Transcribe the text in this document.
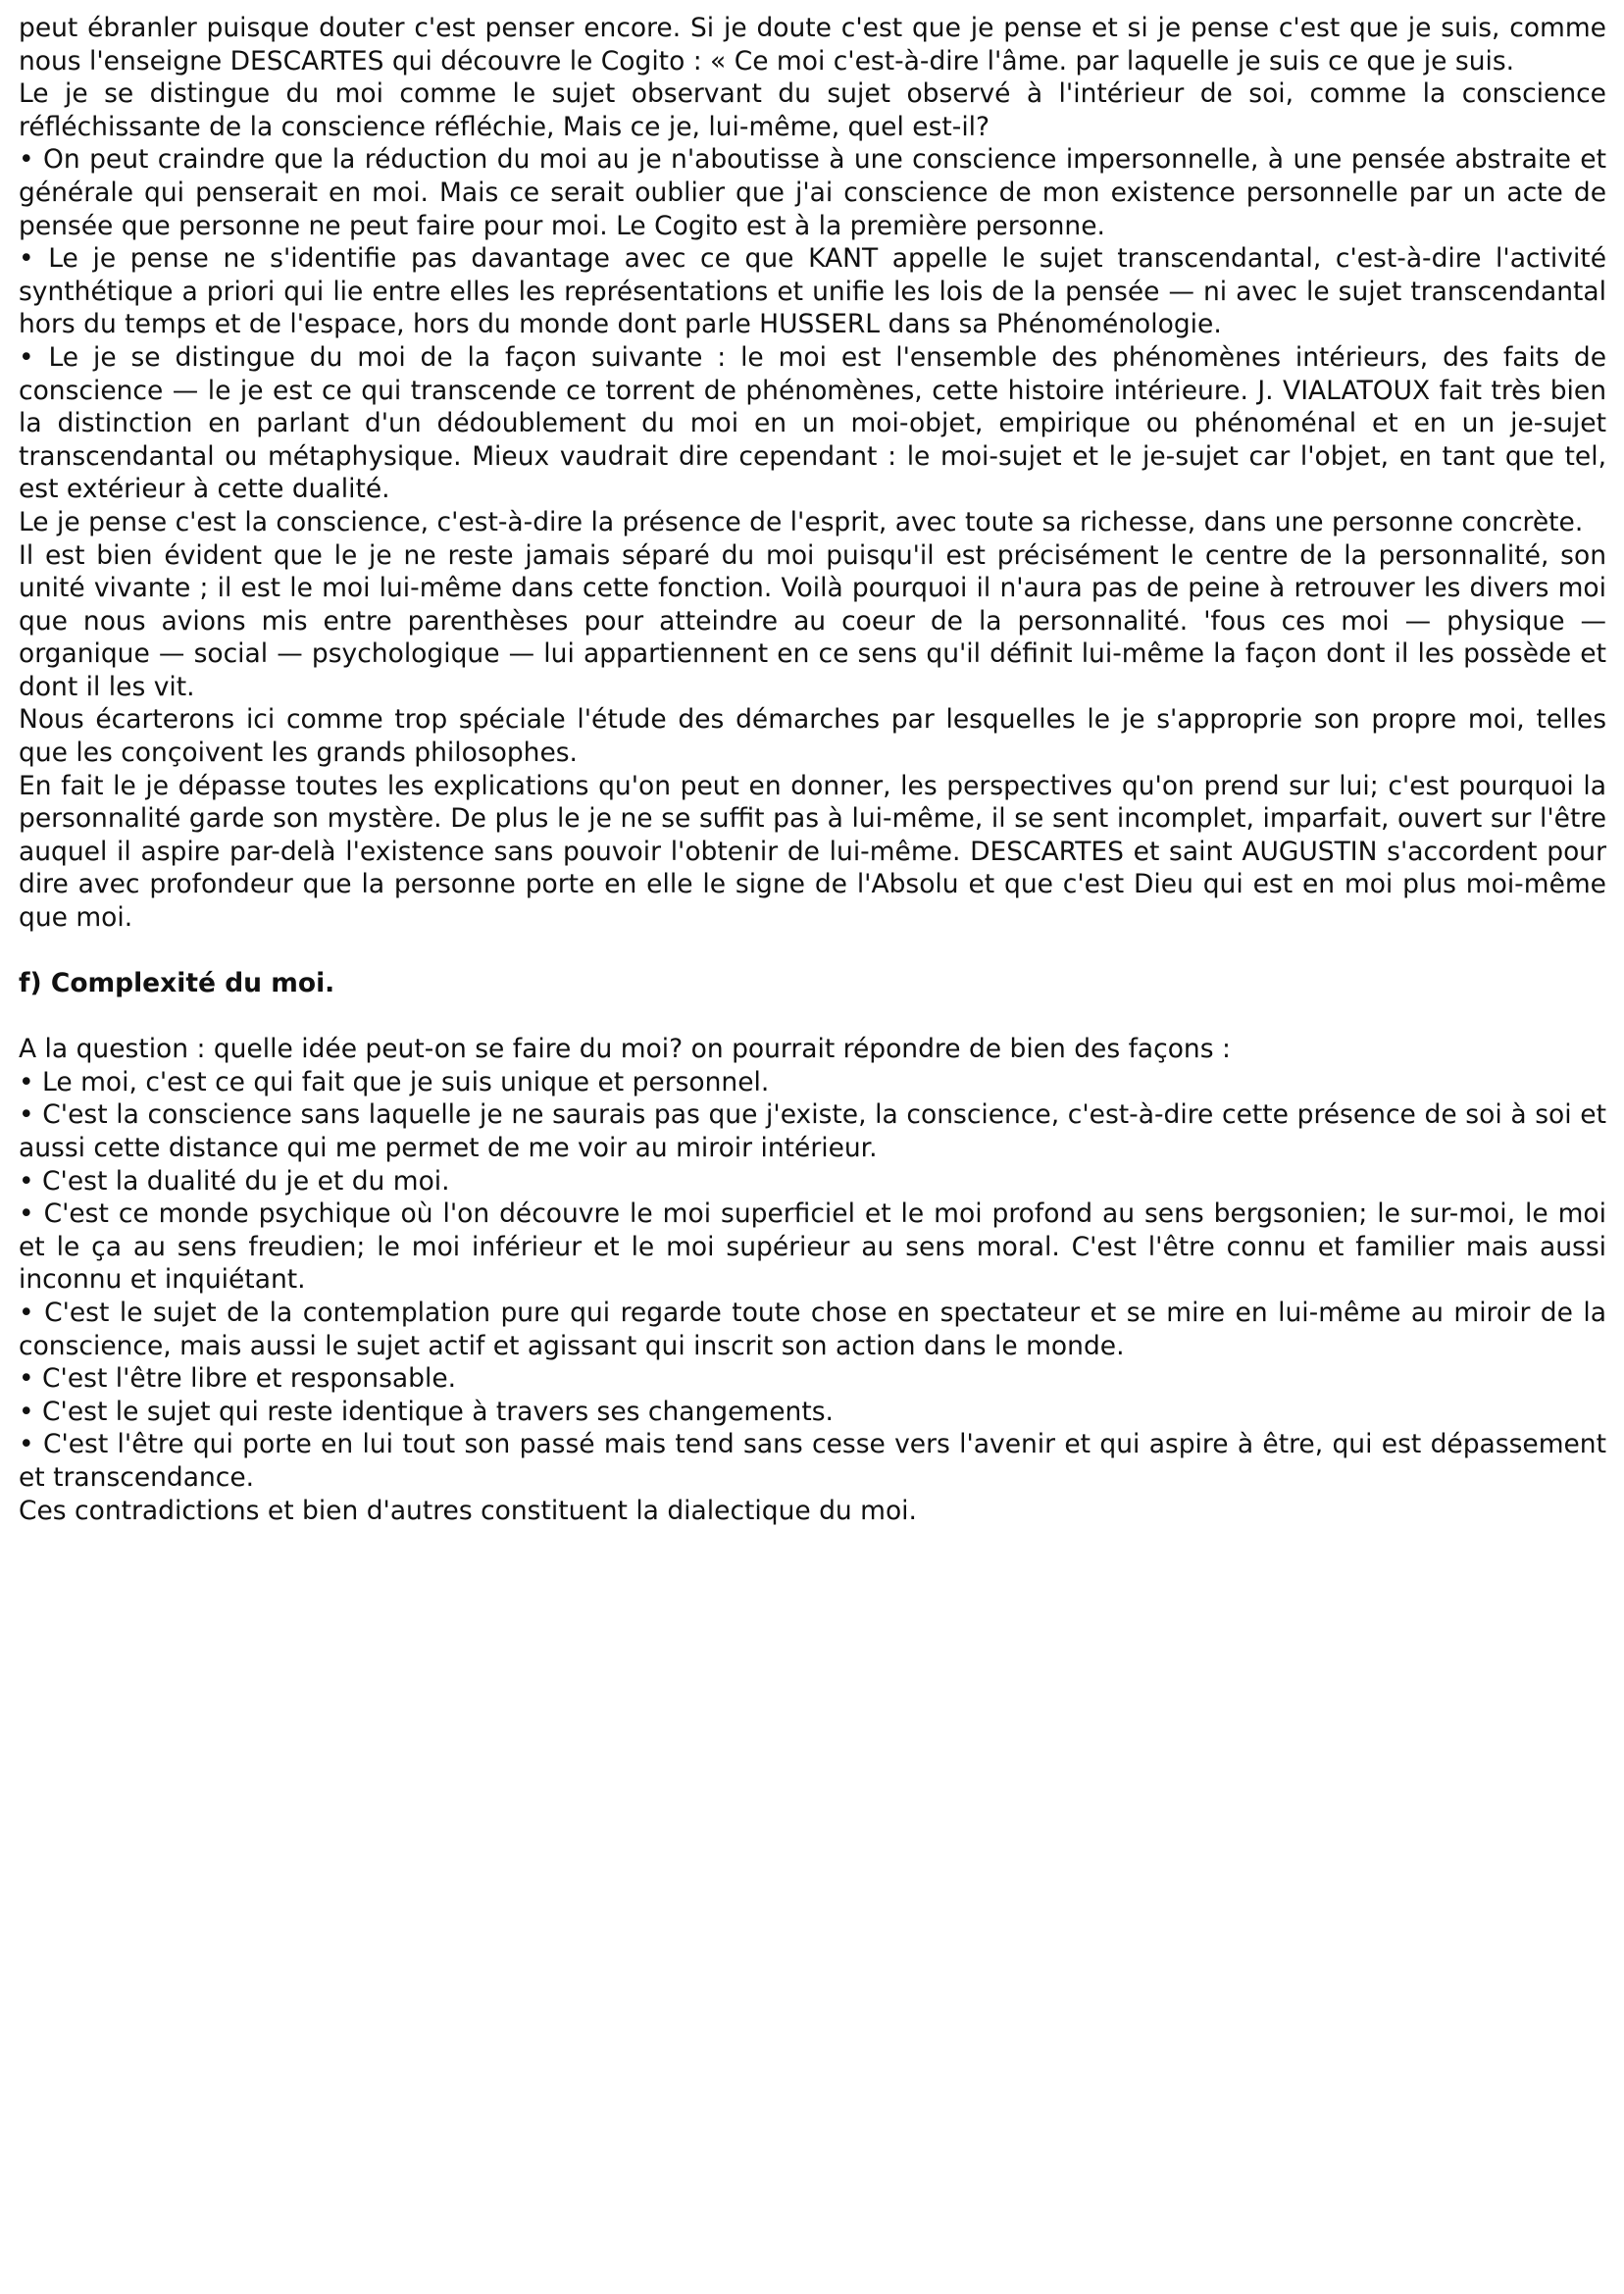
peut ébranler puisque douter c'est penser encore. Si je doute c'est que je pense et si je pense c'est que je suis, comme nous l'enseigne DESCARTES qui découvre le Cogito : « Ce moi c'est-à-dire l'âme. par laquelle je suis ce que je suis.

Le je se distingue du moi comme le sujet observant du sujet observé à l'intérieur de soi, comme la conscience réfléchissante de la conscience réfléchie, Mais ce je, lui-même, quel est-il?

• On peut craindre que la réduction du moi au je n'aboutisse à une conscience impersonnelle, à une pensée abstraite et générale qui penserait en moi. Mais ce serait oublier que j'ai conscience de mon existence personnelle par un acte de pensée que personne ne peut faire pour moi. Le Cogito est à la première personne.

• Le je pense ne s'identifie pas davantage avec ce que KANT appelle le sujet transcendantal, c'est-à-dire l'activité synthétique a priori qui lie entre elles les représentations et unifie les lois de la pensée — ni avec le sujet transcendantal hors du temps et de l'espace, hors du monde dont parle HUSSERL dans sa Phénoménologie.

• Le je se distingue du moi de la façon suivante : le moi est l'ensemble des phénomènes intérieurs, des faits de conscience — le je est ce qui transcende ce torrent de phénomènes, cette histoire intérieure. J. VIALATOUX fait très bien la distinction en parlant d'un dédoublement du moi en un moi-objet, empirique ou phénoménal et en un je-sujet transcendantal ou métaphysique. Mieux vaudrait dire cependant : le moi-sujet et le je-sujet car l'objet, en tant que tel, est extérieur à cette dualité.

Le je pense c'est la conscience, c'est-à-dire la présence de l'esprit, avec toute sa richesse, dans une personne concrète.

Il est bien évident que le je ne reste jamais séparé du moi puisqu'il est précisément le centre de la personnalité, son unité vivante ; il est le moi lui-même dans cette fonction. Voilà pourquoi il n'aura pas de peine à retrouver les divers moi que nous avions mis entre parenthèses pour atteindre au coeur de la personnalité. 'fous ces moi — physique — organique — social — psychologique — lui appartiennent en ce sens qu'il définit lui-même la façon dont il les possède et dont il les vit.

Nous écarterons ici comme trop spéciale l'étude des démarches par lesquelles le je s'approprie son propre moi, telles que les conçoivent les grands philosophes.

En fait le je dépasse toutes les explications qu'on peut en donner, les perspectives qu'on prend sur lui; c'est pourquoi la personnalité garde son mystère. De plus le je ne se suffit pas à lui-même, il se sent incomplet, imparfait, ouvert sur l'être auquel il aspire par-delà l'existence sans pouvoir l'obtenir de lui-même. DESCARTES et saint AUGUSTIN s'accordent pour dire avec profondeur que la personne porte en elle le signe de l'Absolu et que c'est Dieu qui est en moi plus moi-même que moi.

f) Complexité du moi.

A la question : quelle idée peut-on se faire du moi? on pourrait répondre de bien des façons :

• Le moi, c'est ce qui fait que je suis unique et personnel.

• C'est la conscience sans laquelle je ne saurais pas que j'existe, la conscience, c'est-à-dire cette présence de soi à soi et aussi cette distance qui me permet de me voir au miroir intérieur.

• C'est la dualité du je et du moi.

• C'est ce monde psychique où l'on découvre le moi superficiel et le moi profond au sens bergsonien; le sur-moi, le moi et le ça au sens freudien; le moi inférieur et le moi supérieur au sens moral. C'est l'être connu et familier mais aussi inconnu et inquiétant.

• C'est le sujet de la contemplation pure qui regarde toute chose en spectateur et se mire en lui-même au miroir de la conscience, mais aussi le sujet actif et agissant qui inscrit son action dans le monde.

• C'est l'être libre et responsable.

• C'est le sujet qui reste identique à travers ses changements.

• C'est l'être qui porte en lui tout son passé mais tend sans cesse vers l'avenir et qui aspire à être, qui est dépassement et transcendance.

Ces contradictions et bien d'autres constituent la dialectique du moi.
